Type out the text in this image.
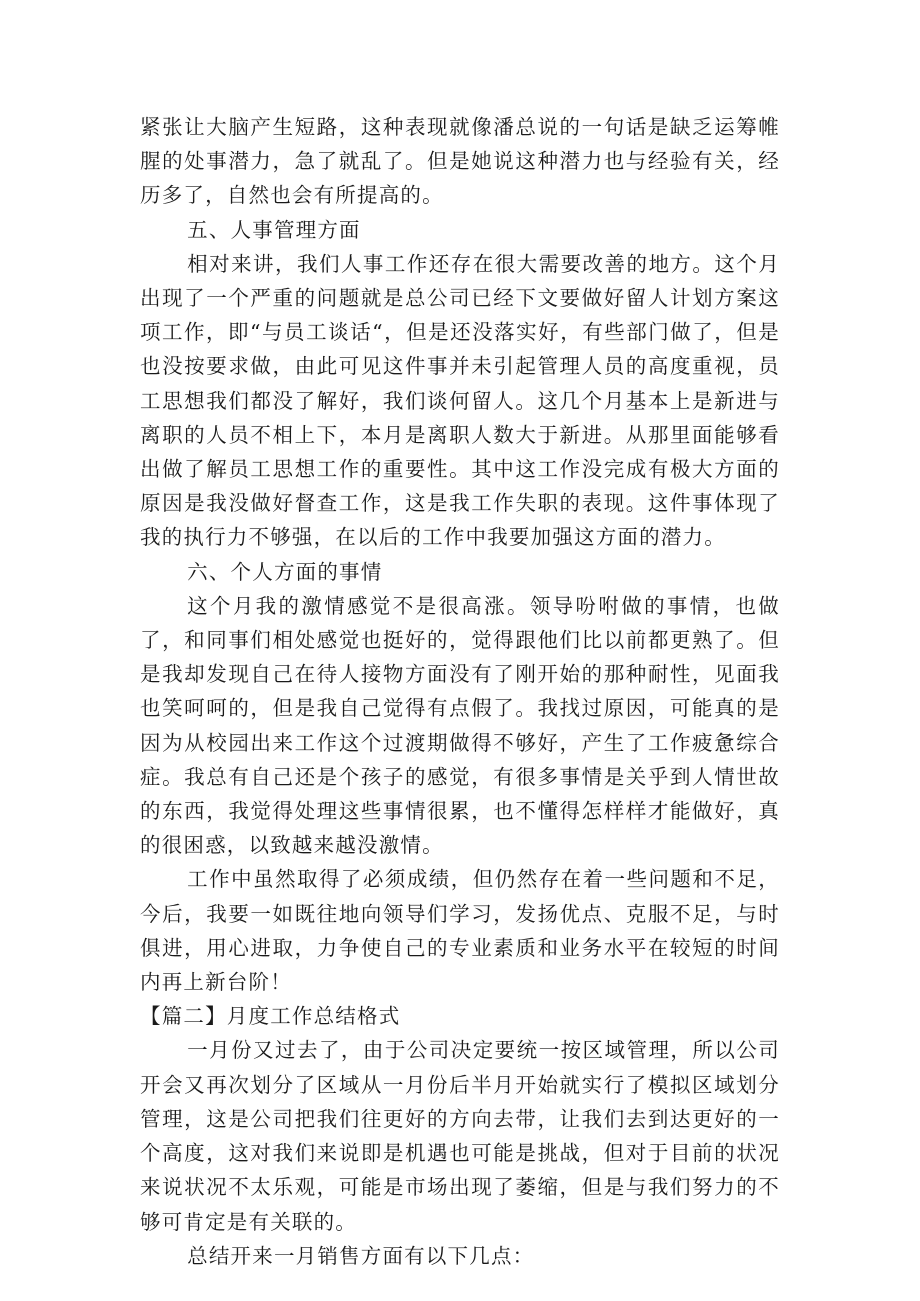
紧张让大脑产生短路，这种表现就像潘总说的一句话是缺乏运筹帷腥的处事潜力，急了就乱了。但是她说这种潜力也与经验有关，经历多了，自然也会有所提高的。

五、人事管理方面

相对来讲，我们人事工作还存在很大需要改善的地方。这个月出现了一个严重的问题就是总公司已经下文要做好留人计划方案这项工作，即“与员工谈话“，但是还没落实好，有些部门做了，但是也没按要求做，由此可见这件事并未引起管理人员的高度重视，员工思想我们都没了解好，我们谈何留人。这几个月基本上是新进与离职的人员不相上下，本月是离职人数大于新进。从那里面能够看出做了解员工思想工作的重要性。其中这工作没完成有极大方面的原因是我没做好督查工作，这是我工作失职的表现。这件事体现了我的执行力不够强，在以后的工作中我要加强这方面的潜力。

六、个人方面的事情

这个月我的激情感觉不是很高涨。领导吩咐做的事情，也做了，和同事们相处感觉也挺好的，觉得跟他们比以前都更熟了。但是我却发现自己在待人接物方面没有了刚开始的那种耐性，见面我也笑呵呵的，但是我自己觉得有点假了。我找过原因，可能真的是因为从校园出来工作这个过渡期做得不够好，产生了工作疲惫综合症。我总有自己还是个孩子的感觉，有很多事情是关乎到人情世故的东西，我觉得处理这些事情很累，也不懂得怎样样才能做好，真的很困惑，以致越来越没激情。

工作中虽然取得了必须成绩，但仍然存在着一些问题和不足，今后，我要一如既往地向领导们学习，发扬优点、克服不足，与时俱进，用心进取，力争使自己的专业素质和业务水平在较短的时间内再上新台阶！

【篇二】月度工作总结格式

一月份又过去了，由于公司决定要统一按区域管理，所以公司开会又再次划分了区域从一月份后半月开始就实行了模拟区域划分管理，这是公司把我们往更好的方向去带，让我们去到达更好的一个高度，这对我们来说即是机遇也可能是挑战，但对于目前的状况来说状况不太乐观，可能是市场出现了萎缩，但是与我们努力的不够可肯定是有关联的。

总结开来一月销售方面有以下几点：
